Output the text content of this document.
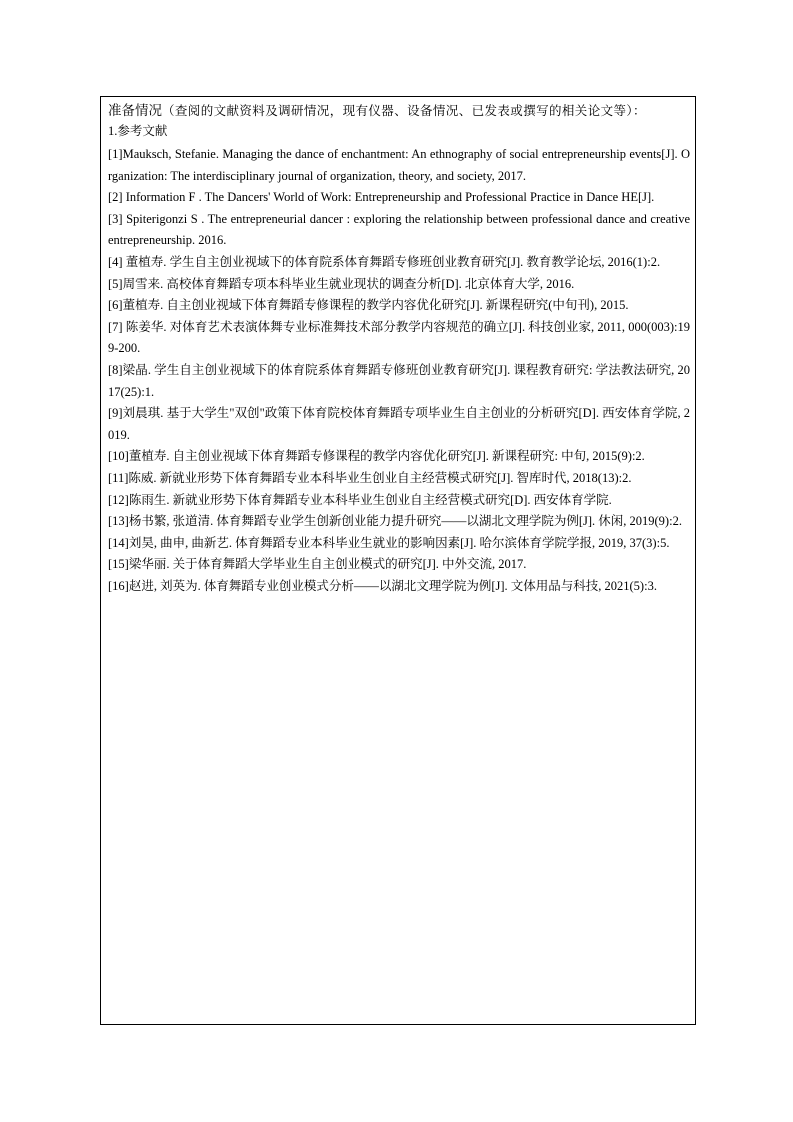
准备情况（查阅的文献资料及调研情况，现有仪器、设备情况、已发表或撰写的相关论文等）：
1.参考文献
[1]Mauksch, Stefanie. Managing the dance of enchantment: An ethnography of social entrepreneurship events[J]. Organization: The interdisciplinary journal of organization, theory, and society, 2017.
[2] Information F . The Dancers' World of Work: Entrepreneurship and Professional Practice in Dance HE[J].
[3] Spiterigonzi S . The entrepreneurial dancer : exploring the relationship between professional dance and creative entrepreneurship. 2016.
[4] 董植寿. 学生自主创业视域下的体育院系体育舞蹈专修班创业教育研究[J]. 教育教学论坛, 2016(1):2.
[5]周雪来. 高校体育舞蹈专项本科毕业生就业现状的调查分析[D]. 北京体育大学, 2016.
[6]董植寿. 自主创业视域下体育舞蹈专修课程的教学内容优化研究[J]. 新课程研究(中旬刊), 2015.
[7] 陈姜华. 对体育艺术表演体舞专业标准舞技术部分教学内容规范的确立[J]. 科技创业家, 2011, 000(003):199-200.
[8]梁晶. 学生自主创业视域下的体育院系体育舞蹈专修班创业教育研究[J]. 课程教育研究: 学法教法研究, 2017(25):1.
[9]刘晨琪. 基于大学生"双创"政策下体育院校体育舞蹈专项毕业生自主创业的分析研究[D]. 西安体育学院, 2019.
[10]董植寿. 自主创业视域下体育舞蹈专修课程的教学内容优化研究[J]. 新课程研究: 中旬, 2015(9):2.
[11]陈威. 新就业形势下体育舞蹈专业本科毕业生创业自主经营模式研究[J]. 智库时代, 2018(13):2.
[12]陈雨生. 新就业形势下体育舞蹈专业本科毕业生创业自主经营模式研究[D]. 西安体育学院.
[13]杨书繁, 张道清. 体育舞蹈专业学生创新创业能力提升研究——以湖北文理学院为例[J]. 休闲, 2019(9):2.
[14]刘昊, 曲申, 曲新艺. 体育舞蹈专业本科毕业生就业的影响因素[J]. 哈尔滨体育学院学报, 2019, 37(3):5.
[15]梁华丽. 关于体育舞蹈大学毕业生自主创业模式的研究[J]. 中外交流, 2017.
[16]赵进, 刘英为. 体育舞蹈专业创业模式分析——以湖北文理学院为例[J]. 文体用品与科技, 2021(5):3.
